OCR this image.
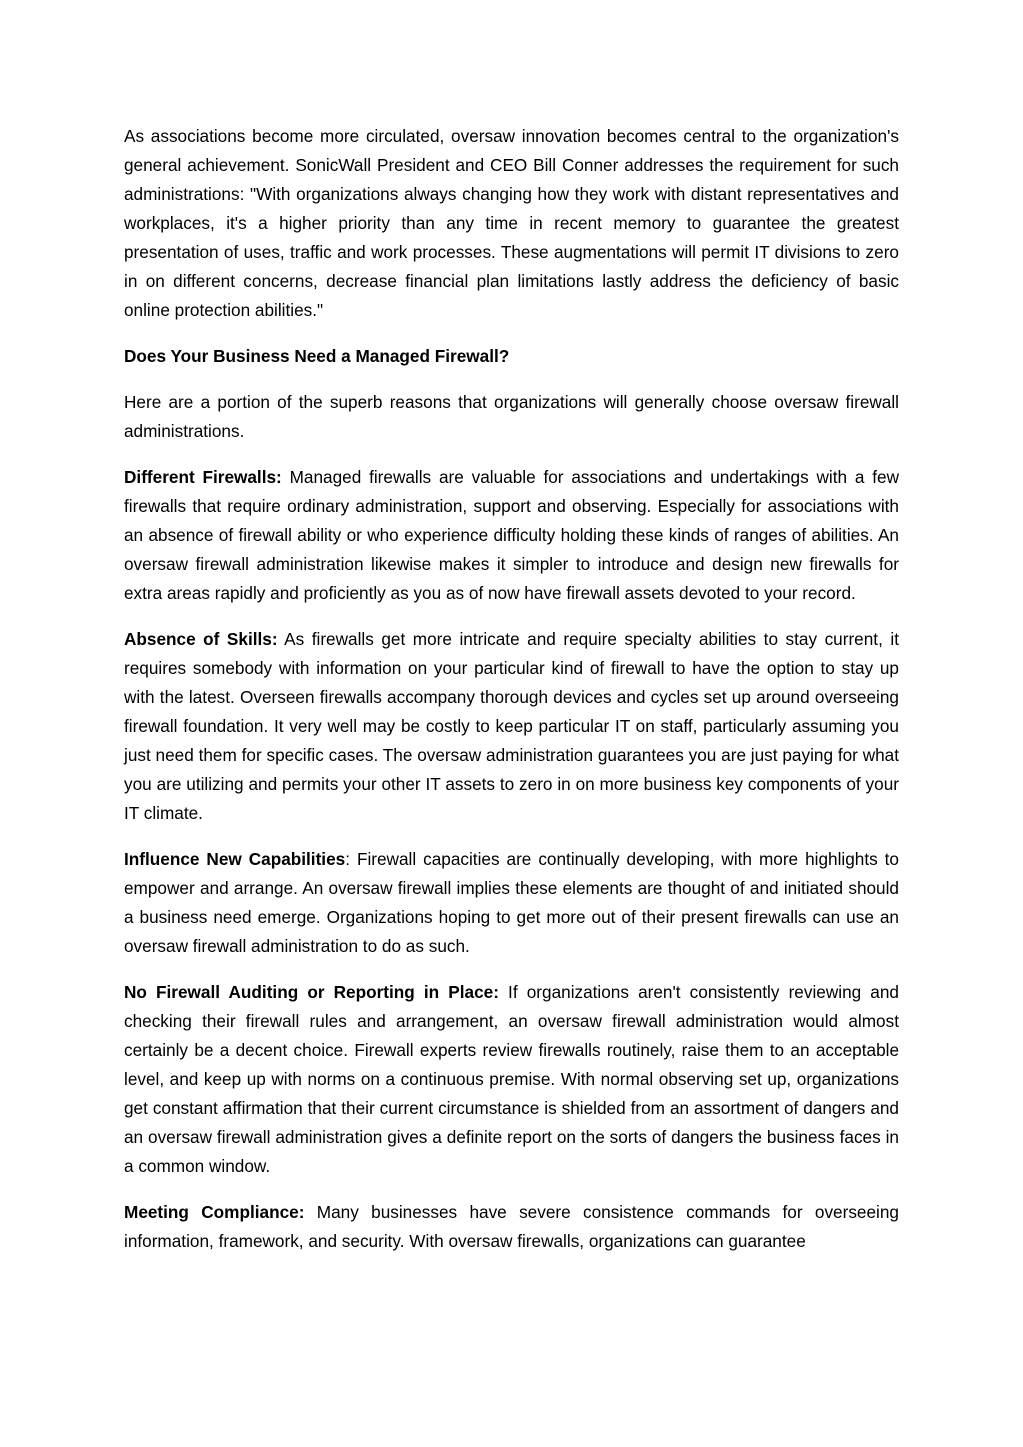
As associations become more circulated, oversaw innovation becomes central to the organization's general achievement. SonicWall President and CEO Bill Conner addresses the requirement for such administrations: "With organizations always changing how they work with distant representatives and workplaces, it's a higher priority than any time in recent memory to guarantee the greatest presentation of uses, traffic and work processes. These augmentations will permit IT divisions to zero in on different concerns, decrease financial plan limitations lastly address the deficiency of basic online protection abilities."

Does Your Business Need a Managed Firewall?

Here are a portion of the superb reasons that organizations will generally choose oversaw firewall administrations.

Different Firewalls: Managed firewalls are valuable for associations and undertakings with a few firewalls that require ordinary administration, support and observing. Especially for associations with an absence of firewall ability or who experience difficulty holding these kinds of ranges of abilities. An oversaw firewall administration likewise makes it simpler to introduce and design new firewalls for extra areas rapidly and proficiently as you as of now have firewall assets devoted to your record.

Absence of Skills: As firewalls get more intricate and require specialty abilities to stay current, it requires somebody with information on your particular kind of firewall to have the option to stay up with the latest. Overseen firewalls accompany thorough devices and cycles set up around overseeing firewall foundation. It very well may be costly to keep particular IT on staff, particularly assuming you just need them for specific cases. The oversaw administration guarantees you are just paying for what you are utilizing and permits your other IT assets to zero in on more business key components of your IT climate.

Influence New Capabilities: Firewall capacities are continually developing, with more highlights to empower and arrange. An oversaw firewall implies these elements are thought of and initiated should a business need emerge. Organizations hoping to get more out of their present firewalls can use an oversaw firewall administration to do as such.

No Firewall Auditing or Reporting in Place: If organizations aren't consistently reviewing and checking their firewall rules and arrangement, an oversaw firewall administration would almost certainly be a decent choice. Firewall experts review firewalls routinely, raise them to an acceptable level, and keep up with norms on a continuous premise. With normal observing set up, organizations get constant affirmation that their current circumstance is shielded from an assortment of dangers and an oversaw firewall administration gives a definite report on the sorts of dangers the business faces in a common window.

Meeting Compliance: Many businesses have severe consistence commands for overseeing information, framework, and security. With oversaw firewalls, organizations can guarantee
